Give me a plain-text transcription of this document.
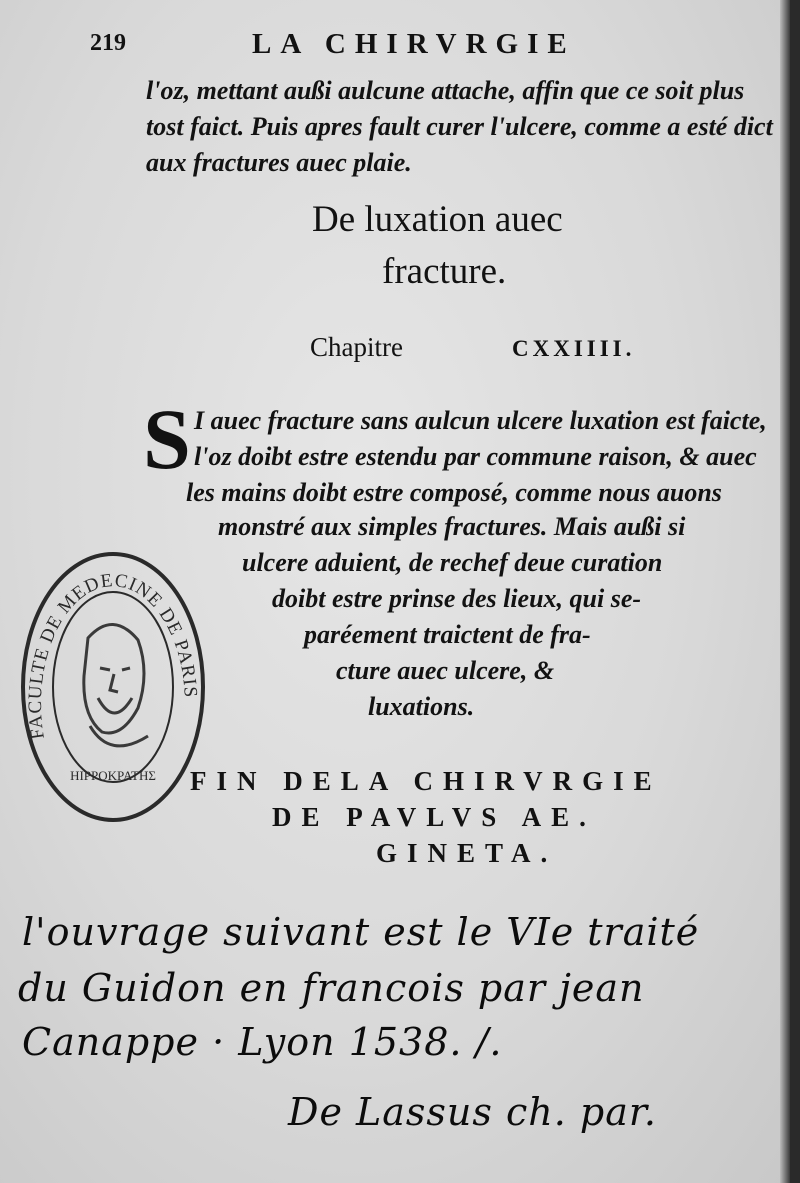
219	LA CHIRVRGIE
l'oz, mettant außi aulcune attache, affin que ce soit plus
tost faict. Puis apres fault curer l'ulcere, comme a esté dict
aux fractures auec plaie.
De luxation auec
fracture.
Chapitre	CXXIIII.
S I auec fracture sans aulcun ulcere luxation est faicte,
l'oz doibt estre estendu par commune raison, & auec
les mains doibt estre composé, comme nous auons
monstré aux simples fractures. Mais außi si
ulcere aduient, de rechef deue curation
doibt estre prinse des lieux, qui se-
paréement traictent de fra-
cture auec ulcere, &
luxations.
FIN DELA CHIRVRGIE
DE PAVLVS AE.
GINETA.
FACULTE DE MEDECINE DE PARIS
HIPPOKPATHΣ
l'ouvrage suivant est le VIe traité
du Guidon en francois par jean
Canappe · Lyon 1538. /.
De Lassus ch. par.
